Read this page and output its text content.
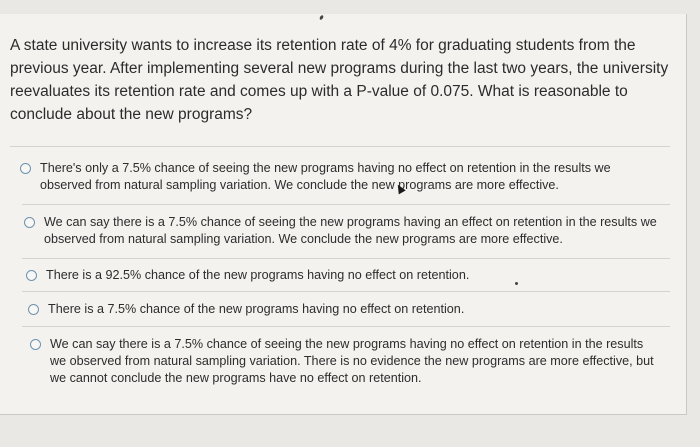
A state university wants to increase its retention rate of 4% for graduating students from the previous year. After implementing several new programs during the last two years, the university reevaluates its retention rate and comes up with a P-value of 0.075. What is reasonable to conclude about the new programs?
There's only a 7.5% chance of seeing the new programs having no effect on retention in the results we observed from natural sampling variation. We conclude the new programs are more effective.
We can say there is a 7.5% chance of seeing the new programs having an effect on retention in the results we observed from natural sampling variation. We conclude the new programs are more effective.
There is a 92.5% chance of the new programs having no effect on retention.
There is a 7.5% chance of the new programs having no effect on retention.
We can say there is a 7.5% chance of seeing the new programs having no effect on retention in the results we observed from natural sampling variation. There is no evidence the new programs are more effective, but we cannot conclude the new programs have no effect on retention.
